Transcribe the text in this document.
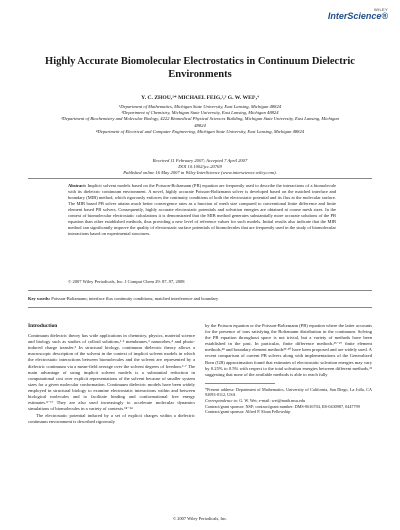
WILEY
InterScience®
Highly Accurate Biomolecular Electrostatics in Continuum Dielectric Environments
Y. C. ZHOU,¹* MICHAEL FEIG,²,³ G. W. WEI¹,⁴
¹Department of Mathematics, Michigan State University, East Lansing, Michigan 48824
²Department of Chemistry, Michigan State University, East Lansing, Michigan 48824
³Department of Biochemistry and Molecular Biology, 4222 Biomedical Physical Sciences Building, Michigan State University, East Lansing, Michigan 48824
⁴Department of Electrical and Computer Engineering, Michigan State University, East Lansing, Michigan 48824
Received 11 February 2007; Accepted 7 April 2007
DOI 10.1002/jcc.20769
Published online 16 May 2007 in Wiley InterScience (www.interscience.wiley.com).
Abstract: Implicit solvent models based on the Poisson-Boltzmann (PB) equation are frequently used to describe the interactions of a biomolecule with its dielectric continuum environment. A novel, highly accurate Poisson-Boltzmann solver is developed based on the matched interface and boundary (MIB) method, which rigorously enforces the continuity conditions of both the electrostatic potential and its flux at the molecular surface. The MIB based PB solver attains much better convergence rates as a function of mesh size compared to conventional finite difference and finite element based PB solvers. Consequently, highly accurate electrostatic potentials and solvation energies are obtained at coarse mesh sizes. In the context of biomolecular electrostatic calculations it is demonstrated that the MIB method generates substantially more accurate solutions of the PB equation than other established methods, thus providing a new level of reference values for such models. Initial results also indicate that the MIB method can significantly improve the quality of electrostatic surface potentials of biomolecules that are frequently used in the study of biomolecular interactions based on experimental structures.
© 2007 Wiley Periodicals, Inc. J Comput Chem 29: 87–97, 2008
Key words: Poisson-Boltzmann; interface flux continuity conditions; matched interference and boundary
Introduction

Continuum dielectric theory has wide applications in chemistry, physics, material science and biology such as studies of colloid solutions,¹·² membranes,³ nanoorbes,⁴ and photo-induced charge transfer.⁵ In structural biology, continuum dielectric theory allows a macroscopic description of the solvent in the context of implicit solvent models in which the electrostatic interactions between biomolecules and the solvent are represented by a dielectric continuum via a mean-field average over the solvent degrees of freedom.⁶·⁷ The main advantage of using implicit solvent models is a substantial reduction in computational cost over explicit representations of the solvent because of smaller system sizes for a given molecular conformation. Continuum dielectric models have been widely employed in structural biology to examine electrostatic interactions within and between biological molecules and to facilitate binding and conformational free energy estimates.⁸⁻¹⁷ They are also used increasingly to accelerate molecular dynamics simulations of biomolecules in a variety of contexts.¹⁸⁻²⁴

The electrostatic potential induced by a set of explicit charges within a dielectric continuum environment is described rigorously

by the Poisson equation or the Poisson-Boltzmann (PB) equation where the latter accounts for the presence of ions satisfying the Boltzmann distribution in the continuum. Solving the PB equation throughout space is not trivial, but a variety of methods have been established in the past. In particular, finite difference methods,²⁵⁻²⁷ finite element methods,²⁸ and boundary element methods²⁹·³⁰ have been proposed and are widely used. A recent comparison of current PB solvers along with implementations of the Generalized Born (GB) approximation found that estimates of electrostatic solvation energies may vary by 0.25% to 0.5% with respect to the total solvation energies between different methods,³¹ suggesting that none of the available methods is able to reach fully

*Present address: Department of Mathematics, University of California, San Diego, La Jolla, CA 92093-0112, USA
Correspondence to: G. W. Wei; e-mail: wei@math.msu.edu
Contract/grant sponsor: NSF; contract/grant number: DMS-0616704, IIS-0430987, 0447799
Contract/grant sponsor: Alfred P. Sloan Fellowship
© 2007 Wiley Periodicals, Inc.
